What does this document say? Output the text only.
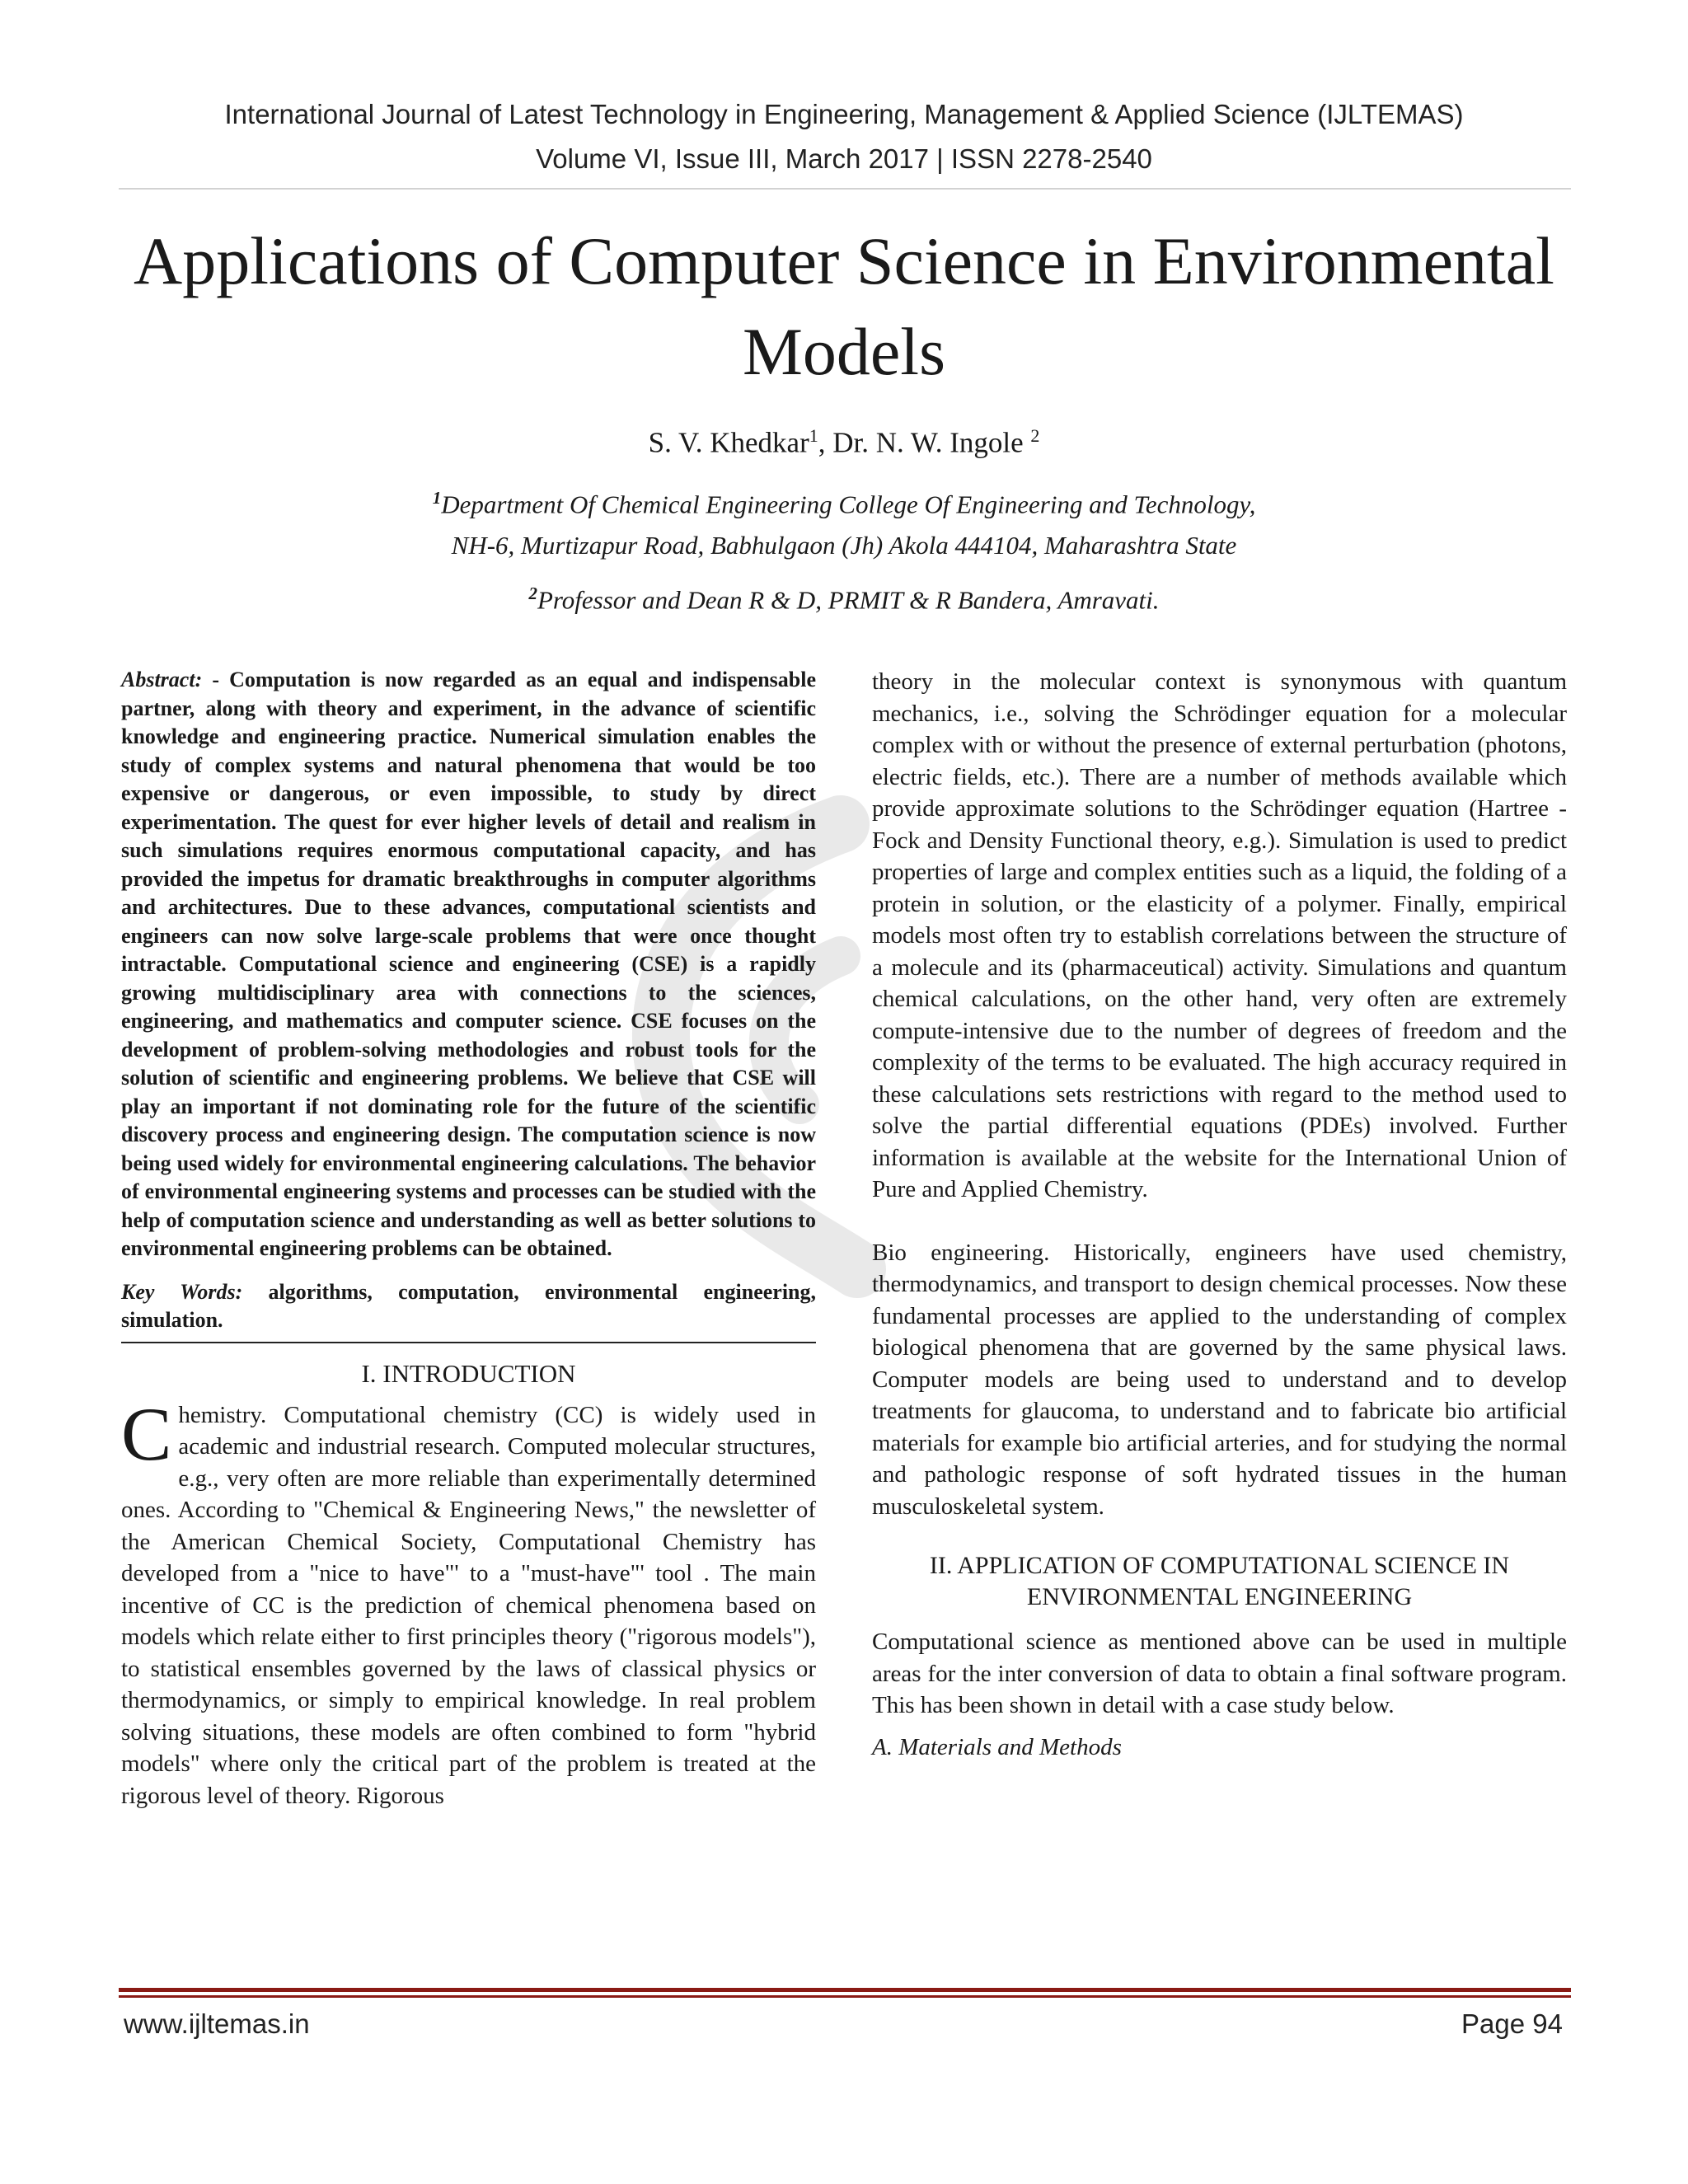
International Journal of Latest Technology in Engineering, Management & Applied Science (IJLTEMAS)
Volume VI, Issue III, March 2017 | ISSN 2278-2540
Applications of Computer Science in Environmental Models
S. V. Khedkar$^1$, Dr. N. W. Ingole $^2$
$^1$Department Of Chemical Engineering College Of Engineering and Technology,
NH-6, Murtizapur Road, Babhulgaon (Jh) Akola 444104, Maharashtra State
$^2$Professor and Dean R & D, PRMIT & R Bandera, Amravati.

Abstract: - Computation is now regarded as an equal and indispensable partner, along with theory and experiment, in the advance of scientific knowledge and engineering practice. Numerical simulation enables the study of complex systems and natural phenomena that would be too expensive or dangerous, or even impossible, to study by direct experimentation. The quest for ever higher levels of detail and realism in such simulations requires enormous computational capacity, and has provided the impetus for dramatic breakthroughs in computer algorithms and architectures. Due to these advances, computational scientists and engineers can now solve large-scale problems that were once thought intractable. Computational science and engineering (CSE) is a rapidly growing multidisciplinary area with connections to the sciences, engineering, and mathematics and computer science. CSE focuses on the development of problem-solving methodologies and robust tools for the solution of scientific and engineering problems. We believe that CSE will play an important if not dominating role for the future of the scientific discovery process and engineering design. The computation science is now being used widely for environmental engineering calculations. The behavior of environmental engineering systems and processes can be studied with the help of computation science and understanding as well as better solutions to environmental engineering problems can be obtained.

Key Words: algorithms, computation, environmental engineering, simulation.

I. INTRODUCTION

Chemistry. Computational chemistry (CC) is widely used in academic and industrial research. Computed molecular structures, e.g., very often are more reliable than experimentally determined ones. According to "Chemical & Engineering News," the newsletter of the American Chemical Society, Computational Chemistry has developed from a "nice to have"' to a "must-have"' tool . The main incentive of CC is the prediction of chemical phenomena based on models which relate either to first principles theory ("rigorous models"), to statistical ensembles governed by the laws of classical physics or thermodynamics, or simply to empirical knowledge. In real problem solving situations, these models are often combined to form "hybrid models" where only the critical part of the problem is treated at the rigorous level of theory. Rigorous

theory in the molecular context is synonymous with quantum mechanics, i.e., solving the Schrödinger equation for a molecular complex with or without the presence of external perturbation (photons, electric fields, etc.). There are a number of methods available which provide approximate solutions to the Schrödinger equation (Hartree - Fock and Density Functional theory, e.g.). Simulation is used to predict properties of large and complex entities such as a liquid, the folding of a protein in solution, or the elasticity of a polymer. Finally, empirical models most often try to establish correlations between the structure of a molecule and its (pharmaceutical) activity. Simulations and quantum chemical calculations, on the other hand, very often are extremely compute-intensive due to the number of degrees of freedom and the complexity of the terms to be evaluated. The high accuracy required in these calculations sets restrictions with regard to the method used to solve the partial differential equations (PDEs) involved. Further information is available at the website for the International Union of Pure and Applied Chemistry.

Bio engineering. Historically, engineers have used chemistry, thermodynamics, and transport to design chemical processes. Now these fundamental processes are applied to the understanding of complex biological phenomena that are governed by the same physical laws. Computer models are being used to understand and to develop treatments for glaucoma, to understand and to fabricate bio artificial materials for example bio artificial arteries, and for studying the normal and pathologic response of soft hydrated tissues in the human musculoskeletal system.

II. APPLICATION OF COMPUTATIONAL SCIENCE IN ENVIRONMENTAL ENGINEERING

Computational science as mentioned above can be used in multiple areas for the inter conversion of data to obtain a final software program. This has been shown in detail with a case study below.

A. Materials and Methods

www.ijltemas.in	Page 94
